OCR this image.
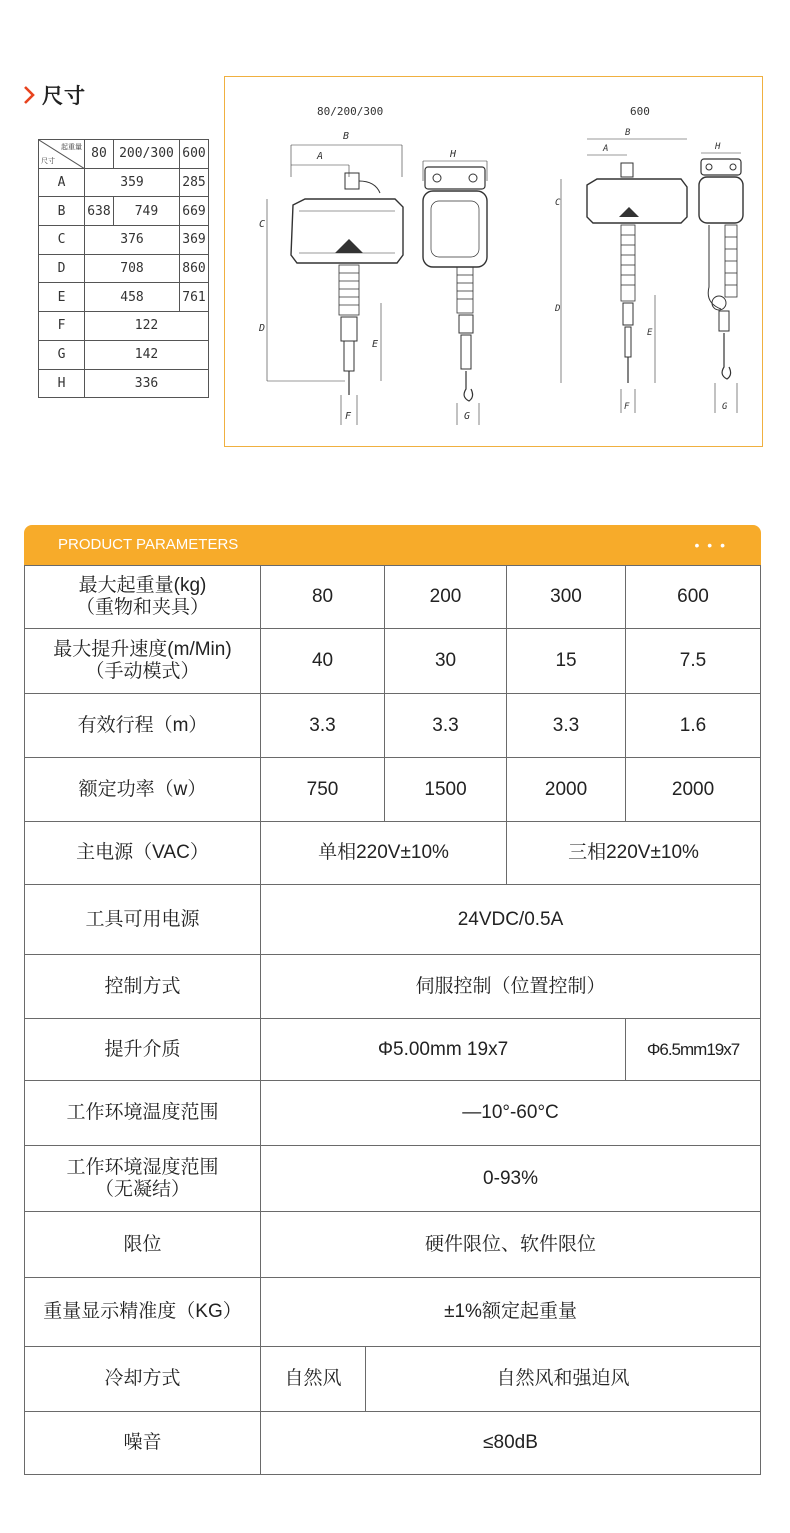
尺寸
起重量
尺寸	80	200/300	600
A	359		285
B	638	749	669
C	376		369
D	708		860
E	458		761
F	122		
G	142		
H	336		
80/200/300	600
B
A
D
C
E
F
H
G
B
A
D
C
E
F
H
G
PRODUCT PARAMETERS	• • •
最大起重量(kg)
（重物和夹具）	80		200	300	600

最大提升速度(m/Min)
（手动模式）	40		30	15	7.5
有效行程（m）	3.3		3.3	3.3	1.6
额定功率（w）	750		1500	2000	2000
主电源（VAC）	单相220V±10%			三相220V±10%	
工具可用电源	24VDC/0.5A				
控制方式	伺服控制（位置控制）				
提升介质	Φ5.00mm 19x7				Φ6.5mm19x7
工作环境温度范围	—10°-60°C				

工作环境湿度范围
（无凝结）	0-93%				
限位	硬件限位、软件限位				
重量显示精准度（KG）	±1%额定起重量				
冷却方式	自然风	自然风和强迫风			
噪音	≤80dB				
